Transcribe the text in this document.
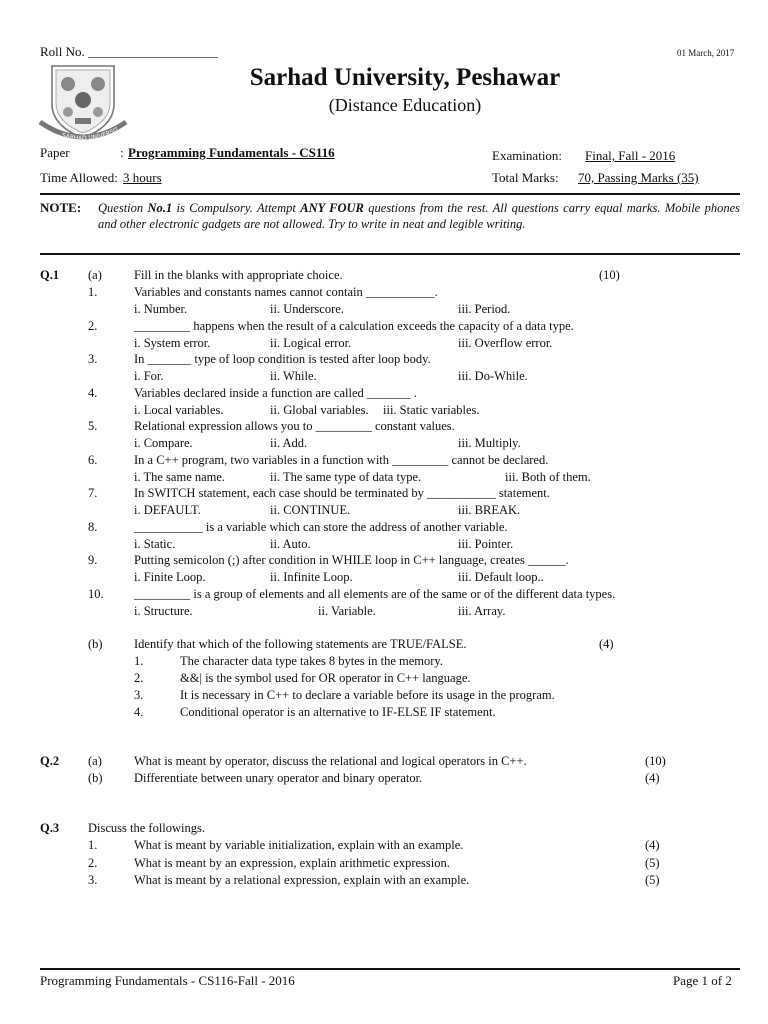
Roll No. ____________________	01 March, 2017
SARHAD UNIVERSIT
Sarhad University, Peshawar
(Distance Education)
Paper	: Programming Fundamentals - CS116	Examination: Final, Fall - 2016
Time Allowed: 3 hours	Total Marks: 70, Passing Marks (35)
NOTE: Question No.1 is Compulsory. Attempt ANY FOUR questions from the rest. All questions carry equal marks. Mobile phones and other electronic gadgets are not allowed. Try to write in neat and legible writing.
Q.1 (a)	Fill in the blanks with appropriate choice.	(10)
1.	Variables and constants names cannot contain ___________.
i. Number.	ii. Underscore.	iii. Period.
2.	_________ happens when the result of a calculation exceeds the capacity of a data type.
i. System error.	ii. Logical error.	iii. Overflow error.
3.	In _______ type of loop condition is tested after loop body.
i. For.	ii. While.	iii. Do-While.
4.	Variables declared inside a function are called _______ .
i. Local variables.	ii. Global variables. iii. Static variables.
5.	Relational expression allows you to _________ constant values.
i. Compare.	ii. Add.	iii. Multiply.
6.	In a C++ program, two variables in a function with _________ cannot be declared.
i. The same name.	ii. The same type of data type.	iii. Both of them.
7.	In SWITCH statement, each case should be terminated by ___________ statement.
i. DEFAULT.	ii. CONTINUE.	iii. BREAK.
8.	___________ is a variable which can store the address of another variable.
i. Static.	ii. Auto.	iii. Pointer.
9.	Putting semicolon (;) after condition in WHILE loop in C++ language, creates ______.
i. Finite Loop.	ii. Infinite Loop.	iii. Default loop..
10. _________ is a group of elements and all elements are of the same or of the different data types.
i. Structure.	ii. Variable.	iii. Array.
(b)	Identify that which of the following statements are TRUE/FALSE.	(4)
1.	The character data type takes 8 bytes in the memory.
2.	&&| is the symbol used for OR operator in C++ language.
3.	It is necessary in C++ to declare a variable before its usage in the program.
4.	Conditional operator is an alternative to IF-ELSE IF statement.
Q.2 (a)	What is meant by operator, discuss the relational and logical operators in C++.	(10)
(b)	Differentiate between unary operator and binary operator.	(4)
Q.3 Discuss the followings.
1.	What is meant by variable initialization, explain with an example.	(4)
2.	What is meant by an expression, explain arithmetic expression.	(5)
3.	What is meant by a relational expression, explain with an example.	(5)
Programming Fundamentals - CS116-Fall - 2016	Page 1 of 2
